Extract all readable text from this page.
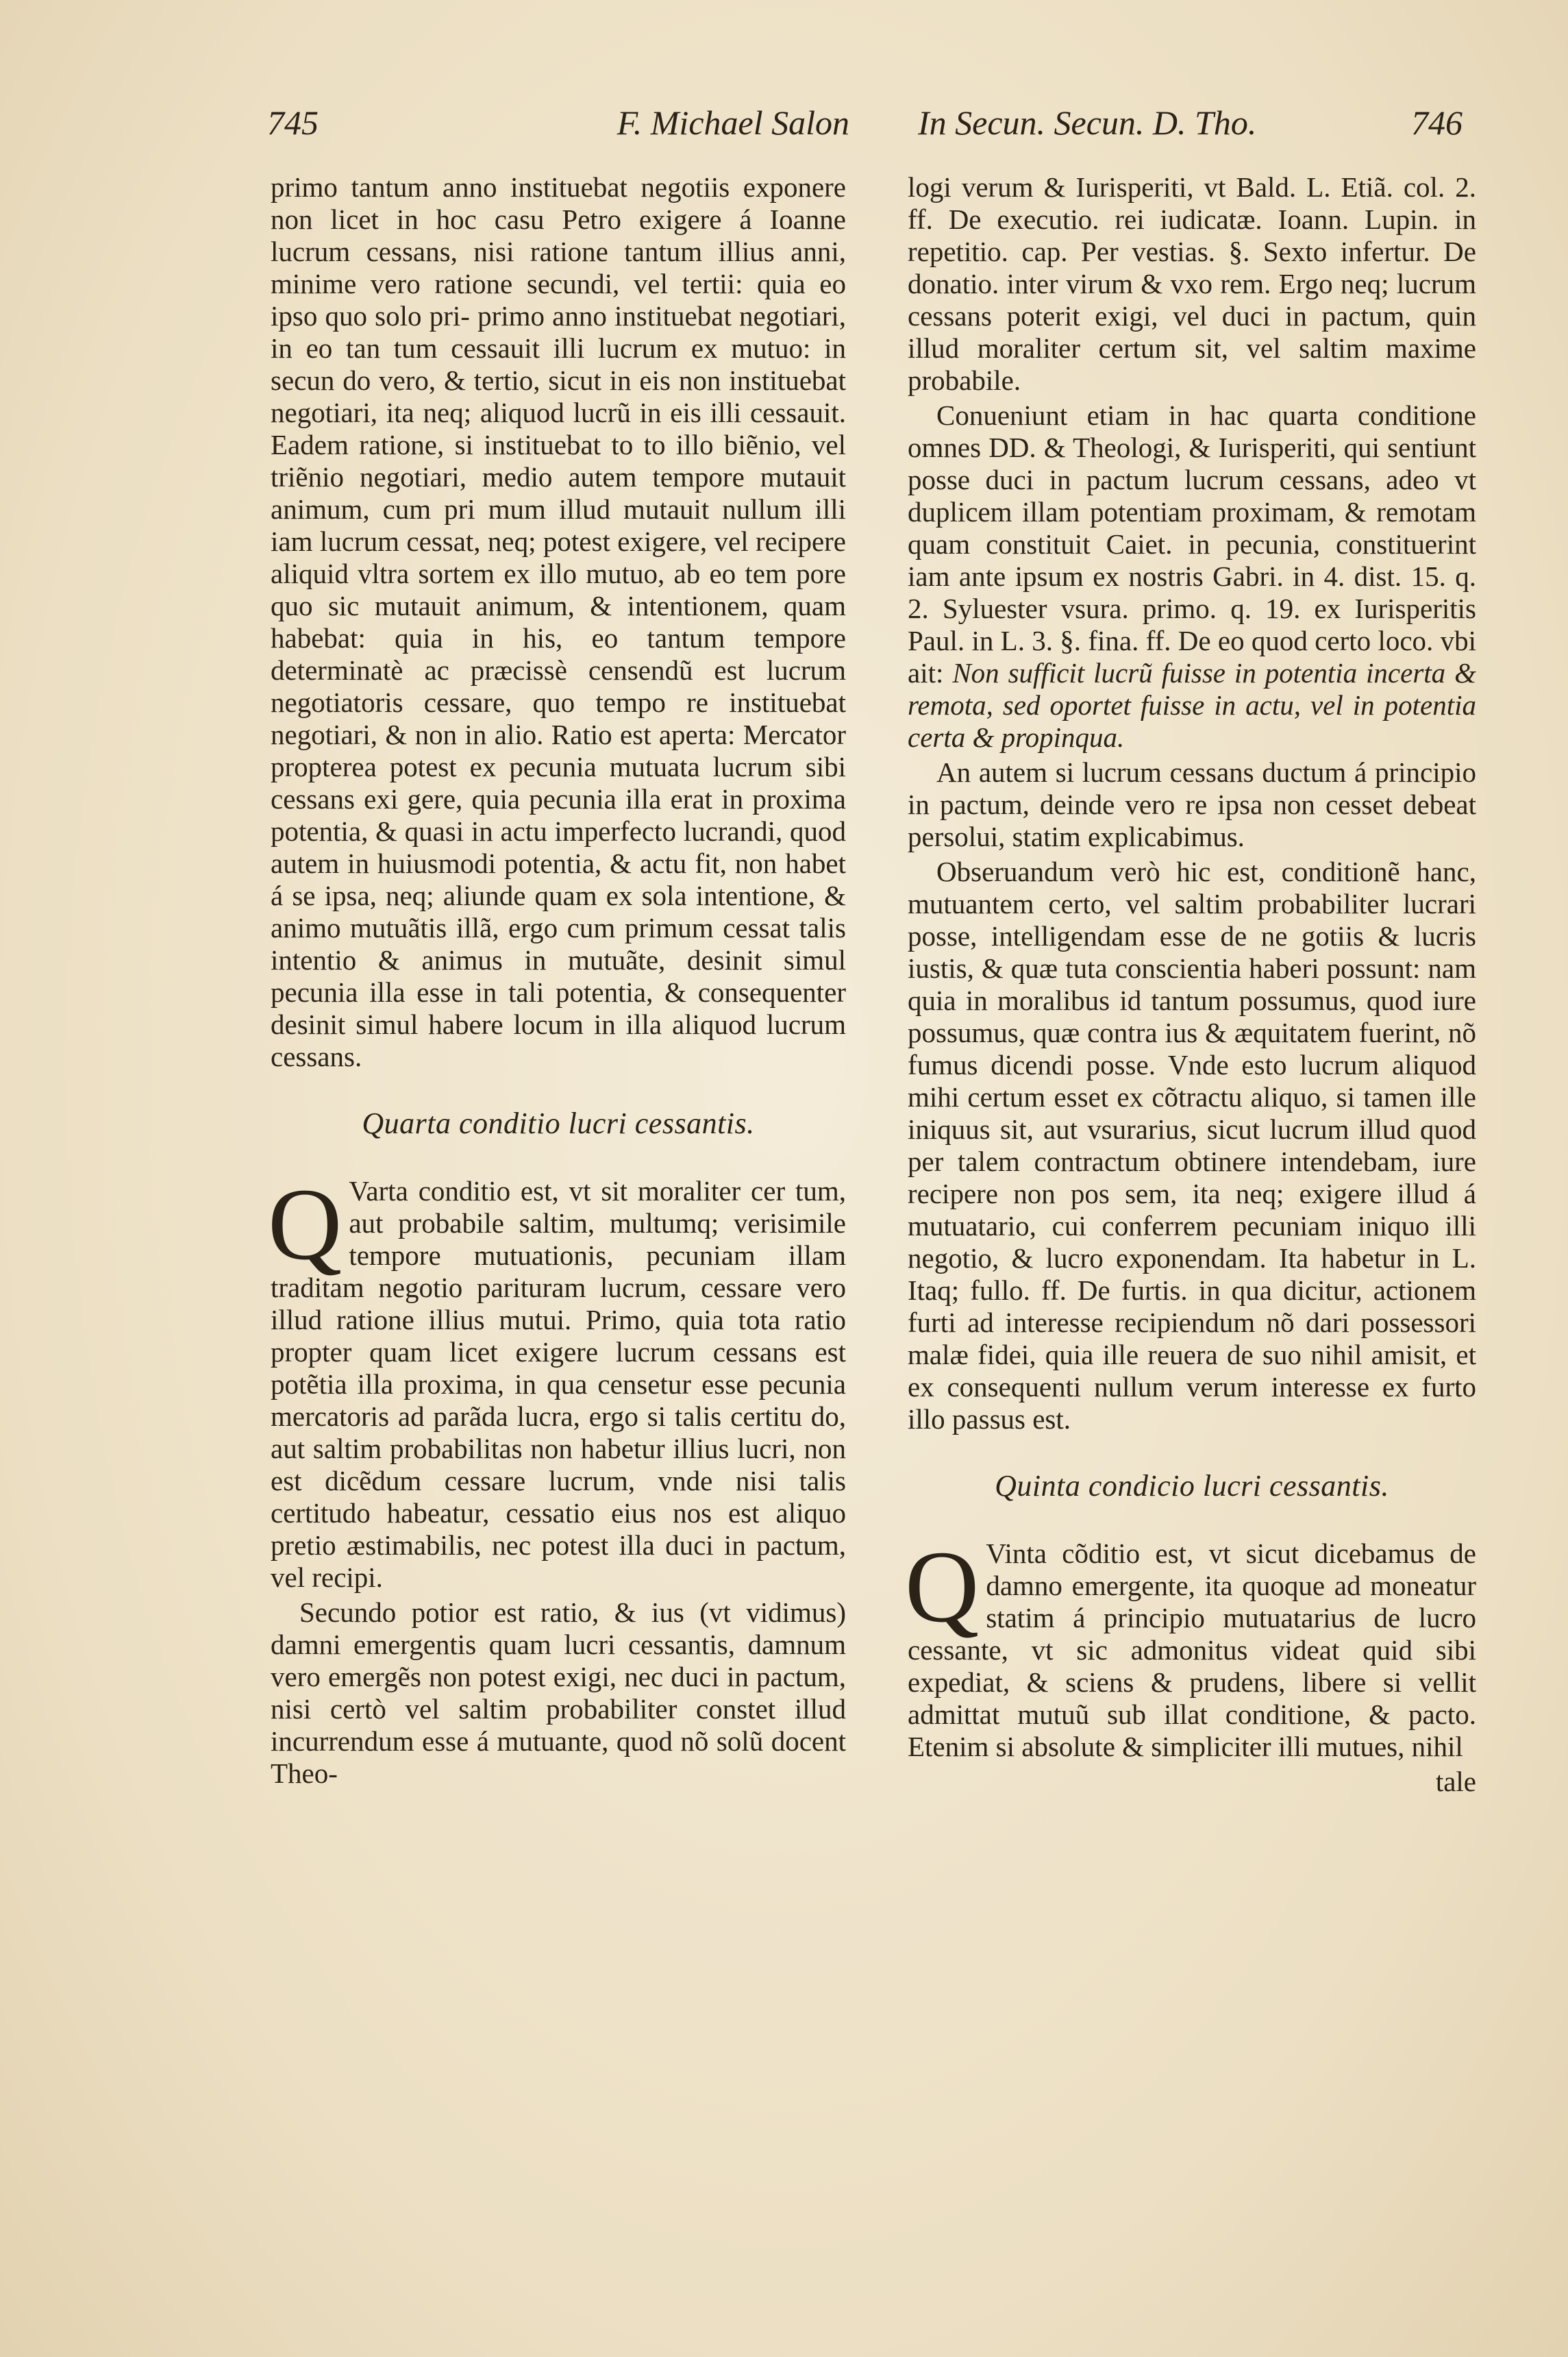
745	F. Michael Salon In Secun. Secun. D. Tho.	746

primo tantum anno instituebat negotiis exponere non licet in hoc casu Petro exigere á Ioanne lucrum cessans, nisi ratione tantum illius anni, minime vero ratione secundi, vel tertii: quia eo ipso quo solo pri- primo anno instituebat negotiari, in eo tan tum cessauit illi lucrum ex mutuo: in secun do vero, & tertio, sicut in eis non instituebat negotiari, ita neq; aliquod lucrũ in eis illi cessauit. Eadem ratione, si instituebat to to illo biẽnio, vel triẽnio negotiari, medio autem tempore mutauit animum, cum pri mum illud mutauit nullum illi iam lucrum cessat, neq; potest exigere, vel recipere aliquid vltra sortem ex illo mutuo, ab eo tem pore quo sic mutauit animum, & intentionem, quam habebat: quia in his, eo tantum tempore determinatè ac præcissè censendũ est lucrum negotiatoris cessare, quo tempo re instituebat negotiari, & non in alio. Ratio est aperta: Mercator propterea potest ex pecunia mutuata lucrum sibi cessans exi gere, quia pecunia illa erat in proxima potentia, & quasi in actu imperfecto lucrandi, quod autem in huiusmodi potentia, & actu fit, non habet á se ipsa, neq; aliunde quam ex sola intentione, & animo mutuãtis illã, ergo cum primum cessat talis intentio & animus in mutuãte, desinit simul pecunia illa esse in tali potentia, & consequenter desinit simul habere locum in illa aliquod lucrum cessans.

Quarta conditio lucri cessantis.

Q Varta conditio est, vt sit moraliter cer tum, aut probabile saltim, multumq; verisimile tempore mutuationis, pecuniam illam traditam negotio parituram lucrum, cessare vero illud ratione illius mutui. Primo, quia tota ratio propter quam licet exigere lucrum cessans est potẽtia illa proxima, in qua censetur esse pecunia mercatoris ad parãda lucra, ergo si talis certitu do, aut saltim probabilitas non habetur illius lucri, non est dicẽdum cessare lucrum, vnde nisi talis certitudo habeatur, cessatio eius nos est aliquo pretio æstimabilis, nec potest illa duci in pactum, vel recipi.

Secundo potior est ratio, & ius (vt vidimus) damni emergentis quam lucri cessantis, damnum vero emergẽs non potest exigi, nec duci in pactum, nisi certò vel saltim probabiliter constet illud incurrendum esse á mutuante, quod nõ solũ docent Theo-

logi verum & Iurisperiti, vt Bald. L. Etiã. col. 2. ff. De executio. rei iudicatæ. Ioann. Lupin. in repetitio. cap. Per vestias. §. Sexto infertur. De donatio. inter virum & vxo rem. Ergo neq; lucrum cessans poterit exigi, vel duci in pactum, quin illud moraliter certum sit, vel saltim maxime probabile.

Conueniunt etiam in hac quarta conditione omnes DD. & Theologi, & Iurisperiti, qui sentiunt posse duci in pactum lucrum cessans, adeo vt duplicem illam potentiam proximam, & remotam quam constituit Caiet. in pecunia, constituerint iam ante ipsum ex nostris Gabri. in 4. dist. 15. q. 2. Syluester vsura. primo. q. 19. ex Iurisperitis Paul. in L. 3. §. fina. ff. De eo quod certo loco. vbi ait: Non sufficit lucrũ fuisse in potentia incerta & remota, sed oportet fuisse in actu, vel in potentia certa & propinqua.

An autem si lucrum cessans ductum á principio in pactum, deinde vero re ipsa non cesset debeat persolui, statim explicabimus.

Obseruandum verò hic est, conditionẽ hanc, mutuantem certo, vel saltim probabiliter lucrari posse, intelligendam esse de ne gotiis & lucris iustis, & quæ tuta conscientia haberi possunt: nam quia in moralibus id tantum possumus, quod iure possumus, quæ contra ius & æquitatem fuerint, nõ fumus dicendi posse. Vnde esto lucrum aliquod mihi certum esset ex cõtractu aliquo, si tamen ille iniquus sit, aut vsurarius, sicut lucrum illud quod per talem contractum obtinere intendebam, iure recipere non pos sem, ita neq; exigere illud á mutuatario, cui conferrem pecuniam iniquo illi negotio, & lucro exponendam. Ita habetur in L. Itaq; fullo. ff. De furtis. in qua dicitur, actionem furti ad interesse recipiendum nõ dari possessori malæ fidei, quia ille reuera de suo nihil amisit, et ex consequenti nullum verum interesse ex furto illo passus est.

Quinta condicio lucri cessantis.

Q Vinta cõditio est, vt sicut dicebamus de damno emergente, ita quoque ad moneatur statim á principio mutuatarius de lucro cessante, vt sic admonitus videat quid sibi expediat, & sciens & prudens, libere si vellit admittat mutuũ sub illat conditione, & pacto. Etenim si absolute & simpliciter illi mutues, nihil

tale
